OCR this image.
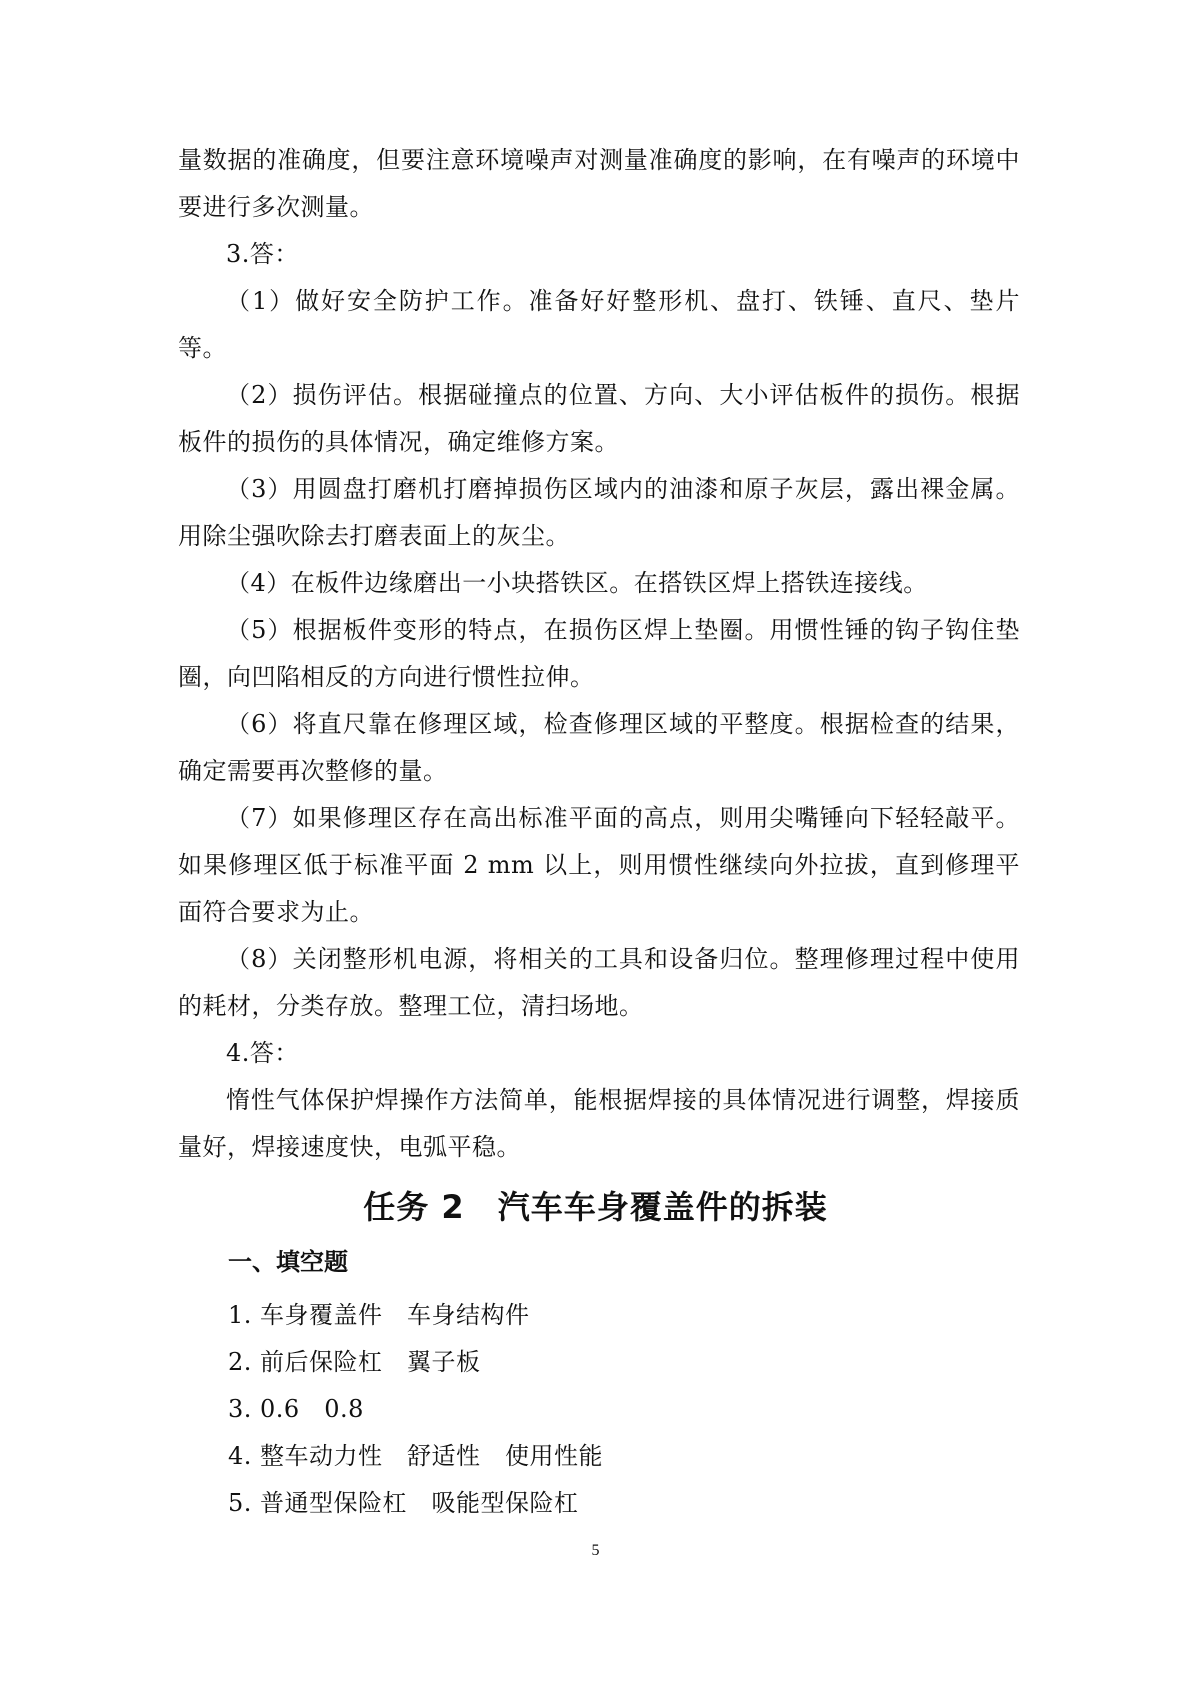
量数据的准确度，但要注意环境噪声对测量准确度的影响，在有噪声的环境中要进行多次测量。

3.答：

（1）做好安全防护工作。准备好好整形机、盘打、铁锤、直尺、垫片等。

（2）损伤评估。根据碰撞点的位置、方向、大小评估板件的损伤。根据板件的损伤的具体情况，确定维修方案。

（3）用圆盘打磨机打磨掉损伤区域内的油漆和原子灰层，露出裸金属。用除尘强吹除去打磨表面上的灰尘。

（4）在板件边缘磨出一小块搭铁区。在搭铁区焊上搭铁连接线。

（5）根据板件变形的特点，在损伤区焊上垫圈。用惯性锤的钩子钩住垫圈，向凹陷相反的方向进行惯性拉伸。

（6）将直尺靠在修理区域，检查修理区域的平整度。根据检查的结果，确定需要再次整修的量。

（7）如果修理区存在高出标准平面的高点，则用尖嘴锤向下轻轻敲平。如果修理区低于标准平面 2 mm 以上，则用惯性继续向外拉拔，直到修理平面符合要求为止。

（8）关闭整形机电源，将相关的工具和设备归位。整理修理过程中使用的耗材，分类存放。整理工位，清扫场地。

4.答：

惰性气体保护焊操作方法简单，能根据焊接的具体情况进行调整，焊接质量好，焊接速度快，电弧平稳。

任务 2　汽车车身覆盖件的拆装
一、填空题
1. 车身覆盖件　车身结构件
2. 前后保险杠　翼子板
3. 0.6　0.8
4. 整车动力性　舒适性　使用性能
5. 普通型保险杠　吸能型保险杠
5
